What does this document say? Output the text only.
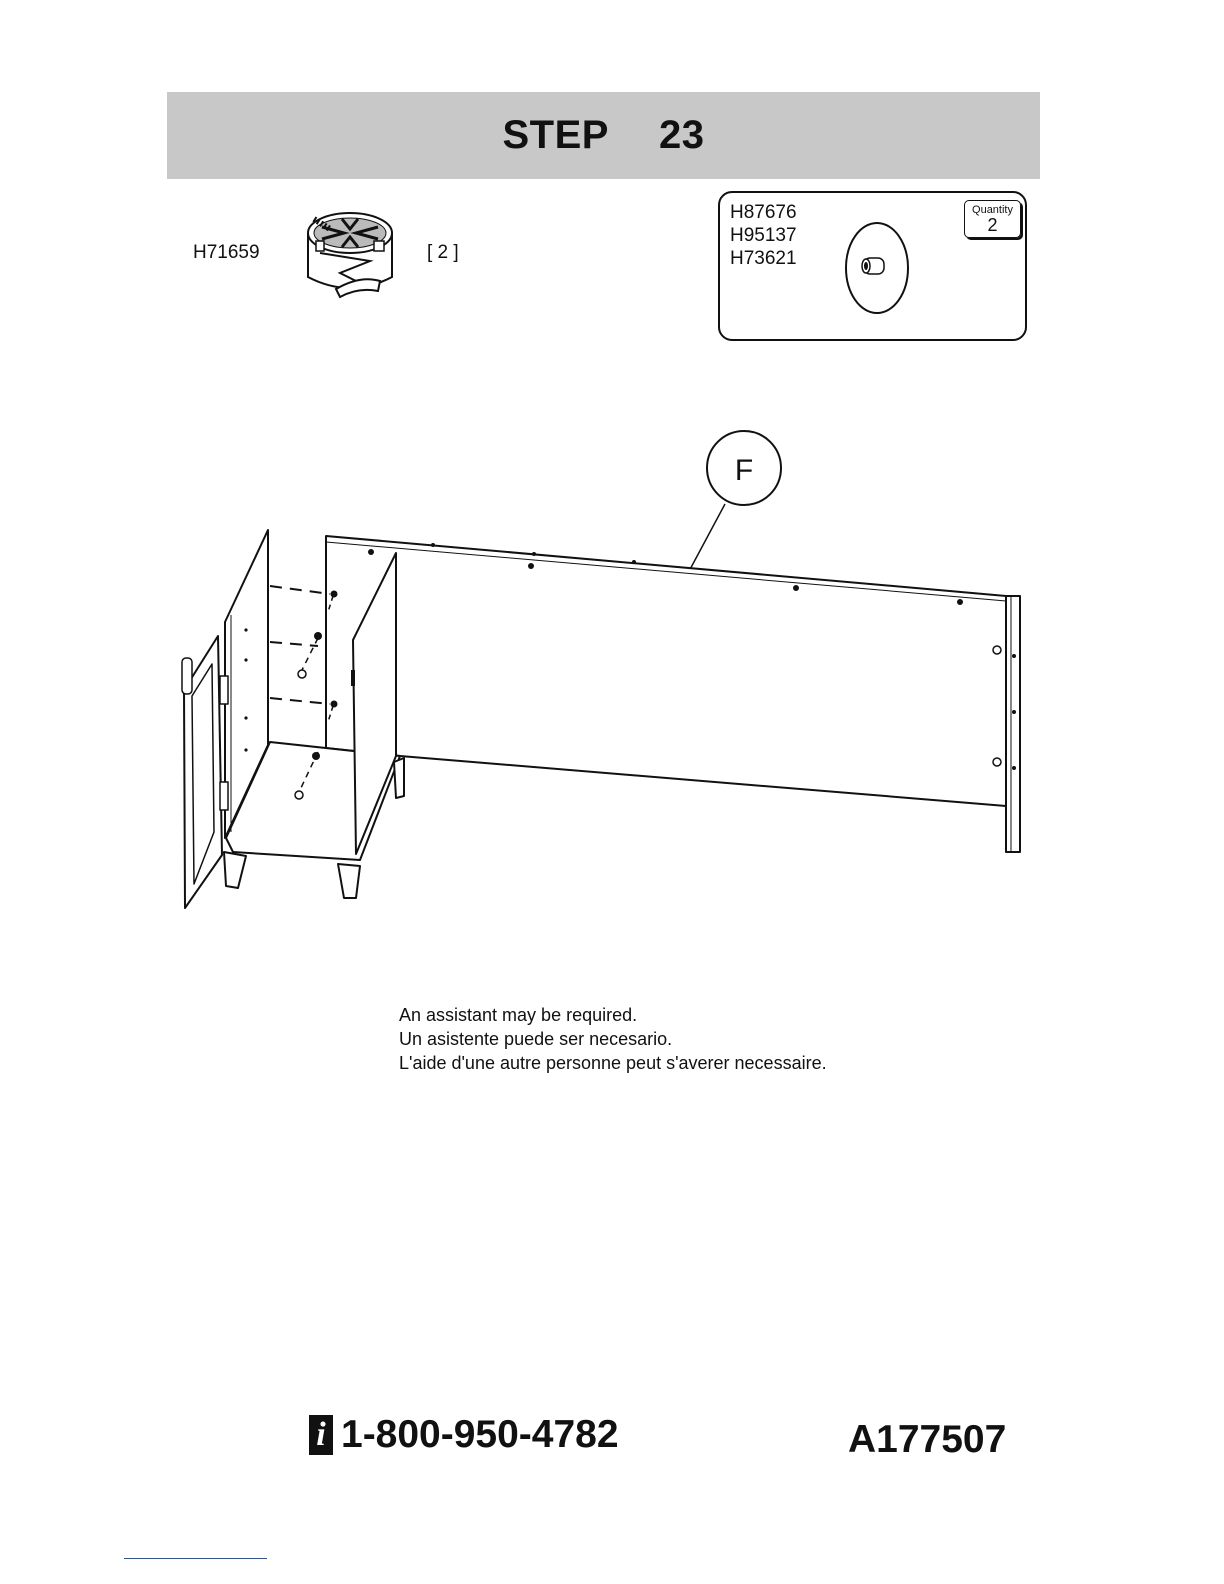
STEP 23
H71659	[ 2 ]
H87676
H95137
H73621
Quantity
2
F
An assistant may be required.
Un asistente puede ser necesario.
L'aide d'une autre personne peut s'averer necessaire.
i 1-800-950-4782	A177507
